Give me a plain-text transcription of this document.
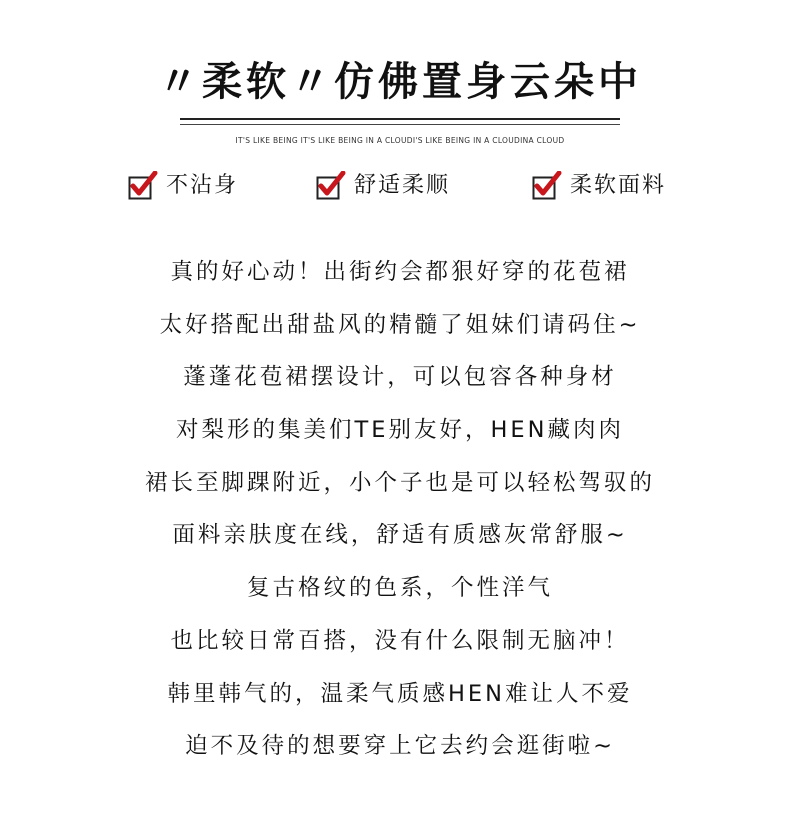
〃柔软〃仿佛置身云朵中
IT'S LIKE BEING IT'S LIKE BEING IN A CLOUDI'S LIKE BEING IN A CLOUDINA CLOUD
不沾身	舒适柔顺	柔软面料
真的好心动！出街约会都狠好穿的花苞裙
太好搭配出甜盐风的精髓了姐妹们请码住~
蓬蓬花苞裙摆设计，可以包容各种身材
对梨形的集美们TE别友好，HEN藏肉肉
裙长至脚踝附近，小个子也是可以轻松驾驭的
面料亲肤度在线，舒适有质感灰常舒服~
复古格纹的色系，个性洋气
也比较日常百搭，没有什么限制无脑冲！
韩里韩气的，温柔气质感HEN难让人不爱
迫不及待的想要穿上它去约会逛街啦~
